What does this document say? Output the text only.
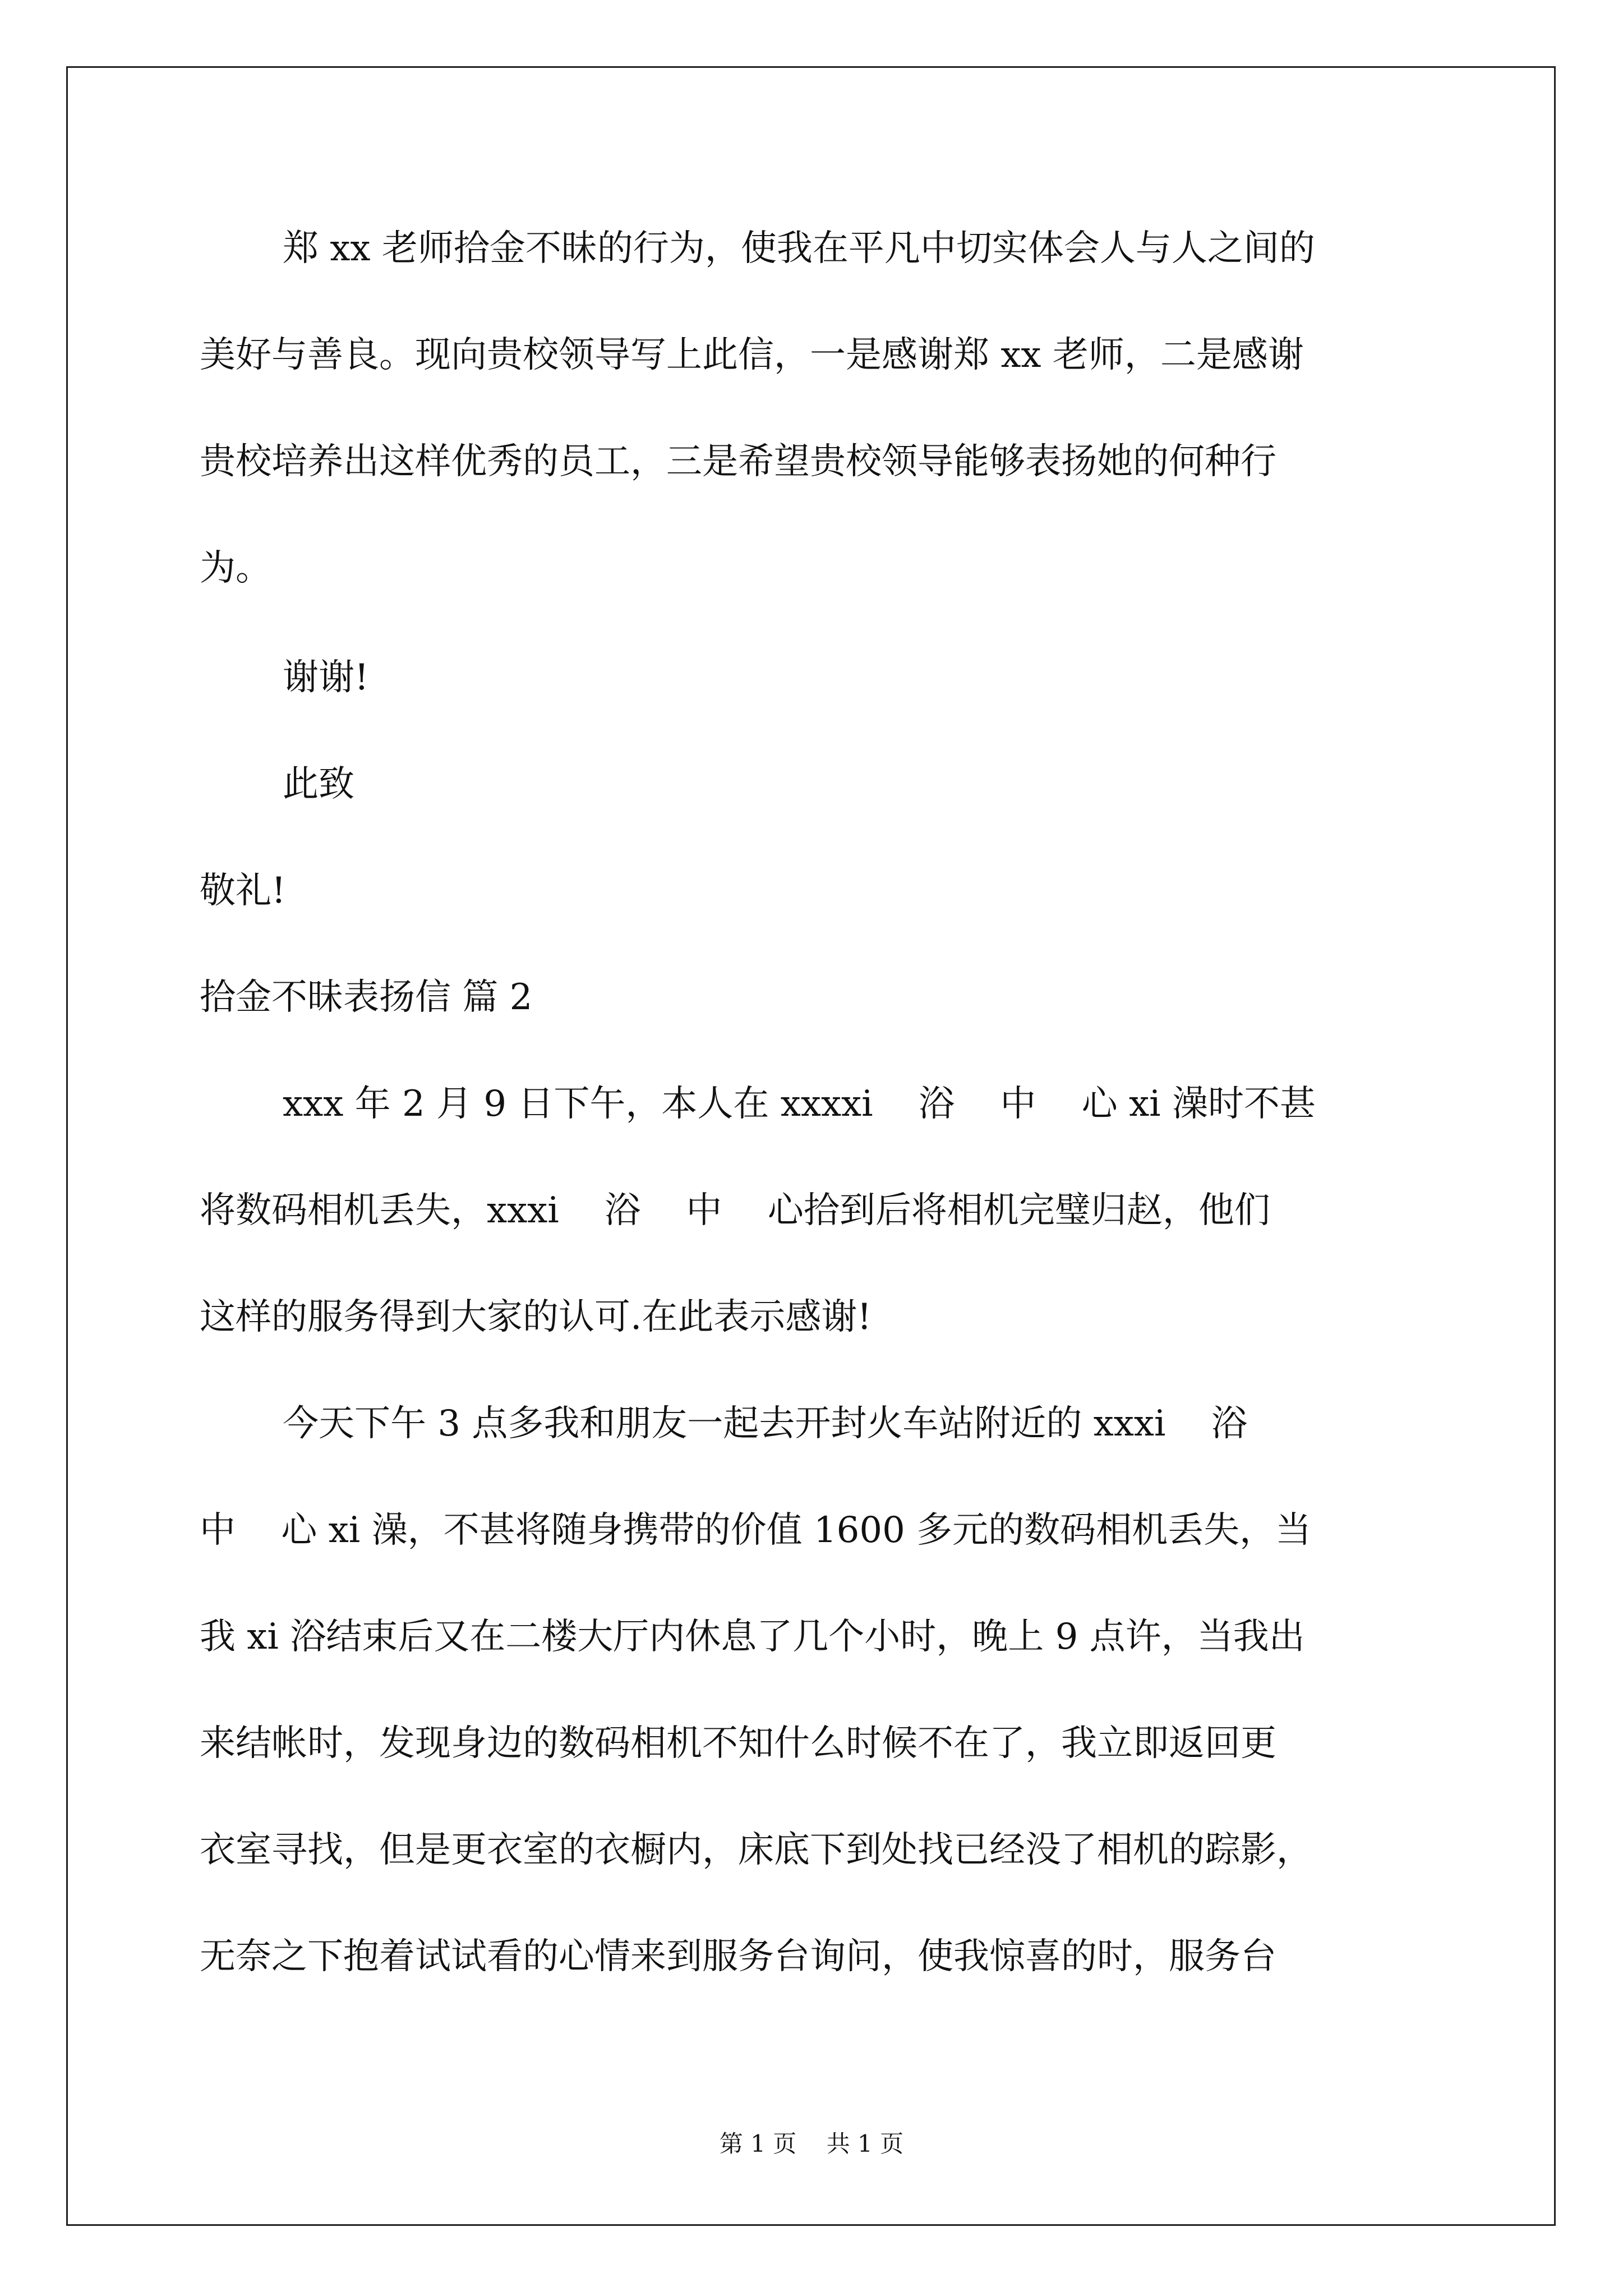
郑 xx 老师拾金不昧的行为，使我在平凡中切实体会人与人之间的
美好与善良。现向贵校领导写上此信，一是感谢郑 xx 老师，二是感谢
贵校培养出这样优秀的员工，三是希望贵校领导能够表扬她的何种行
为。
谢谢!
此致
敬礼!
拾金不昧表扬信 篇 2
xxx 年 2 月 9 日下午，本人在 xxxxi    浴    中    心 xi 澡时不甚
将数码相机丢失，xxxi    浴    中    心拾到后将相机完璧归赵，他们
这样的服务得到大家的认可.在此表示感谢!
今天下午 3 点多我和朋友一起去开封火车站附近的 xxxi    浴
中    心 xi 澡，不甚将随身携带的价值 1600 多元的数码相机丢失，当
我 xi 浴结束后又在二楼大厅内休息了几个小时，晚上 9 点许，当我出
来结帐时，发现身边的数码相机不知什么时候不在了，我立即返回更
衣室寻找，但是更衣室的衣橱内，床底下到处找已经没了相机的踪影，
无奈之下抱着试试看的心情来到服务台询问，使我惊喜的时，服务台
第 1 页    共 1 页
